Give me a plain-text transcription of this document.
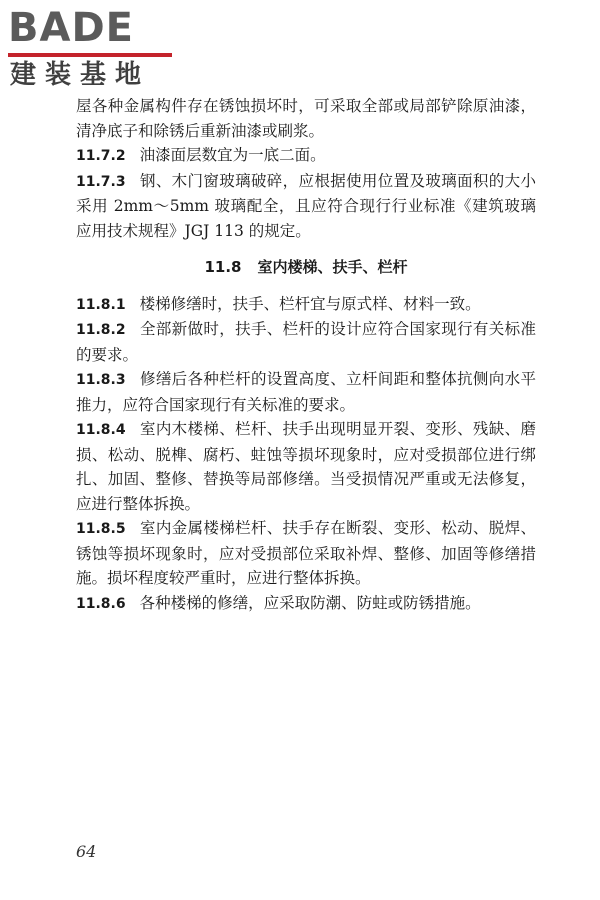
BADE
建装基地

屋各种金属构件存在锈蚀损坏时，可采取全部或局部铲除原油漆，清净底子和除锈后重新油漆或刷浆。

11.7.2 油漆面层数宜为一底二面。

11.7.3 钢、木门窗玻璃破碎，应根据使用位置及玻璃面积的大小采用 2mm～5mm 玻璃配全，且应符合现行行业标准《建筑玻璃应用技术规程》JGJ 113 的规定。

11.8 室内楼梯、扶手、栏杆

11.8.1 楼梯修缮时，扶手、栏杆宜与原式样、材料一致。

11.8.2 全部新做时，扶手、栏杆的设计应符合国家现行有关标准的要求。

11.8.3 修缮后各种栏杆的设置高度、立杆间距和整体抗侧向水平推力，应符合国家现行有关标准的要求。

11.8.4 室内木楼梯、栏杆、扶手出现明显开裂、变形、残缺、磨损、松动、脱榫、腐朽、蛀蚀等损坏现象时，应对受损部位进行绑扎、加固、整修、替换等局部修缮。当受损情况严重或无法修复，应进行整体拆换。

11.8.5 室内金属楼梯栏杆、扶手存在断裂、变形、松动、脱焊、锈蚀等损坏现象时，应对受损部位采取补焊、整修、加固等修缮措施。损坏程度较严重时，应进行整体拆换。

11.8.6 各种楼梯的修缮，应采取防潮、防蛀或防锈措施。

64
